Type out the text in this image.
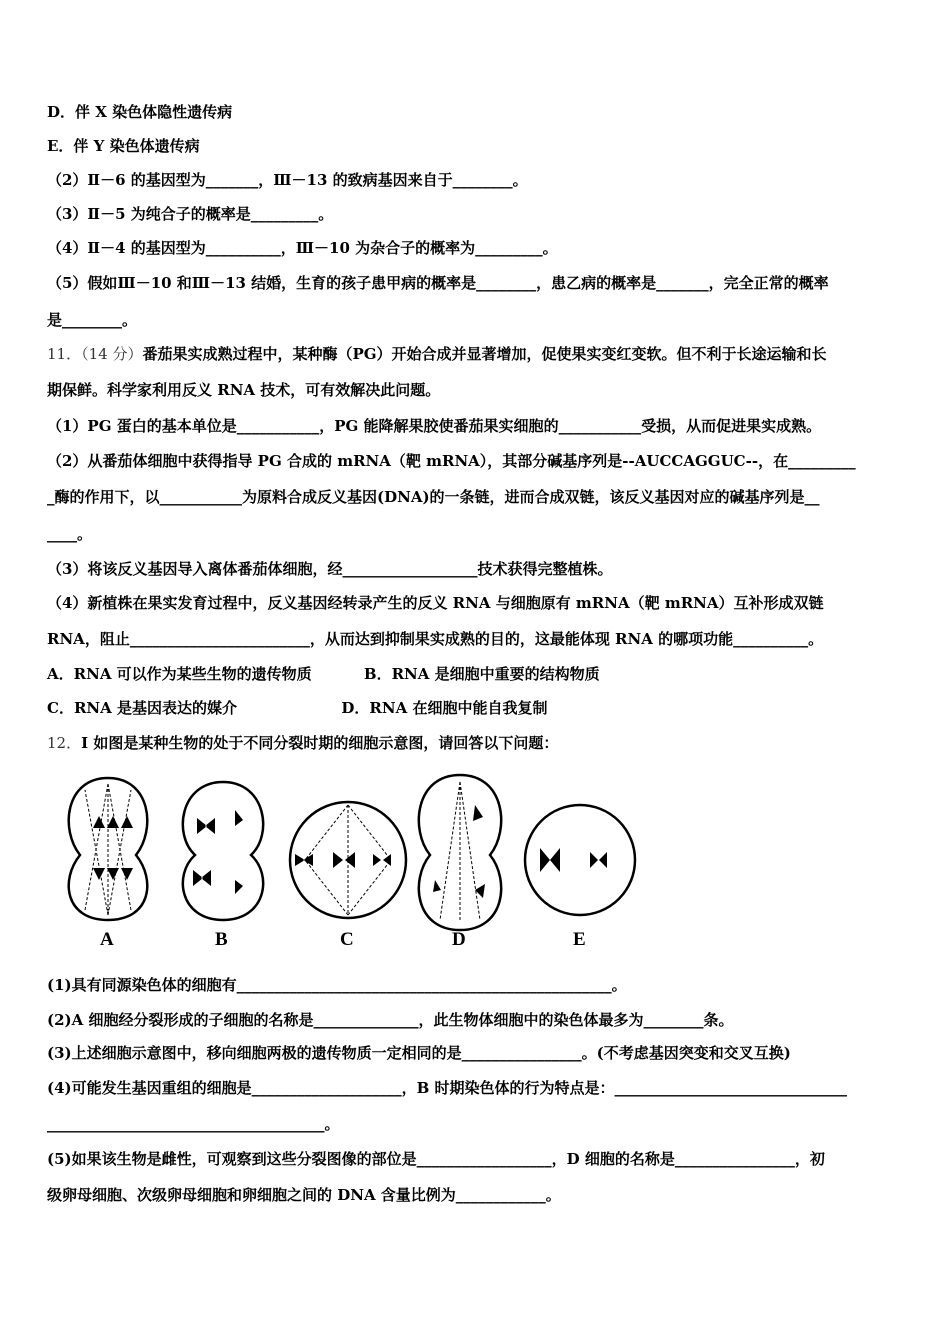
D．伴 X 染色体隐性遗传病
E．伴 Y 染色体遗传病
（2）Ⅱ－6 的基因型为_______，Ⅲ－13 的致病基因来自于________。
（3）Ⅱ－5 为纯合子的概率是_________。
（4）Ⅱ－4 的基因型为__________，Ⅲ－10 为杂合子的概率为_________。
（5）假如Ⅲ－10 和Ⅲ－13 结婚，生育的孩子患甲病的概率是________，患乙病的概率是_______，完全正常的概率
是________。
11．（14 分）番茄果实成熟过程中，某种酶（PG）开始合成并显著增加，促使果实变红变软。但不利于长途运输和长
期保鲜。科学家利用反义 RNA 技术，可有效解决此问题。
（1）PG 蛋白的基本单位是___________，PG 能降解果胶使番茄果实细胞的___________受损，从而促进果实成熟。
（2）从番茄体细胞中获得指导 PG 合成的 mRNA（靶 mRNA），其部分碱基序列是--AUCCAGGUC--，在_________
_酶的作用下，以___________为原料合成反义基因(DNA)的一条链，进而合成双链，该反义基因对应的碱基序列是__
____。
（3）将该反义基因导入离体番茄体细胞，经__________________技术获得完整植株。
（4）新植株在果实发育过程中，反义基因经转录产生的反义 RNA 与细胞原有 mRNA（靶 mRNA）互补形成双链
RNA，阻止________________________，从而达到抑制果实成熟的目的，这最能体现 RNA 的哪项功能__________。
A．RNA 可以作为某些生物的遗传物质          B．RNA 是细胞中重要的结构物质
C．RNA 是基因表达的媒介                    D．RNA 在细胞中能自我复制
12．I 如图是某种生物的处于不同分裂时期的细胞示意图，请回答以下问题：
A	B	C	D	E
(1)具有同源染色体的细胞有__________________________________________________。
(2)A 细胞经分裂形成的子细胞的名称是______________，此生物体细胞中的染色体最多为________条。
(3)上述细胞示意图中，移向细胞两极的遗传物质一定相同的是________________。(不考虑基因突变和交叉互换)
(4)可能发生基因重组的细胞是____________________，B 时期染色体的行为特点是：_______________________________
_____________________________________。
(5)如果该生物是雌性，可观察到这些分裂图像的部位是__________________，D 细胞的名称是________________，初
级卵母细胞、次级卵母细胞和卵细胞之间的 DNA 含量比例为____________。
